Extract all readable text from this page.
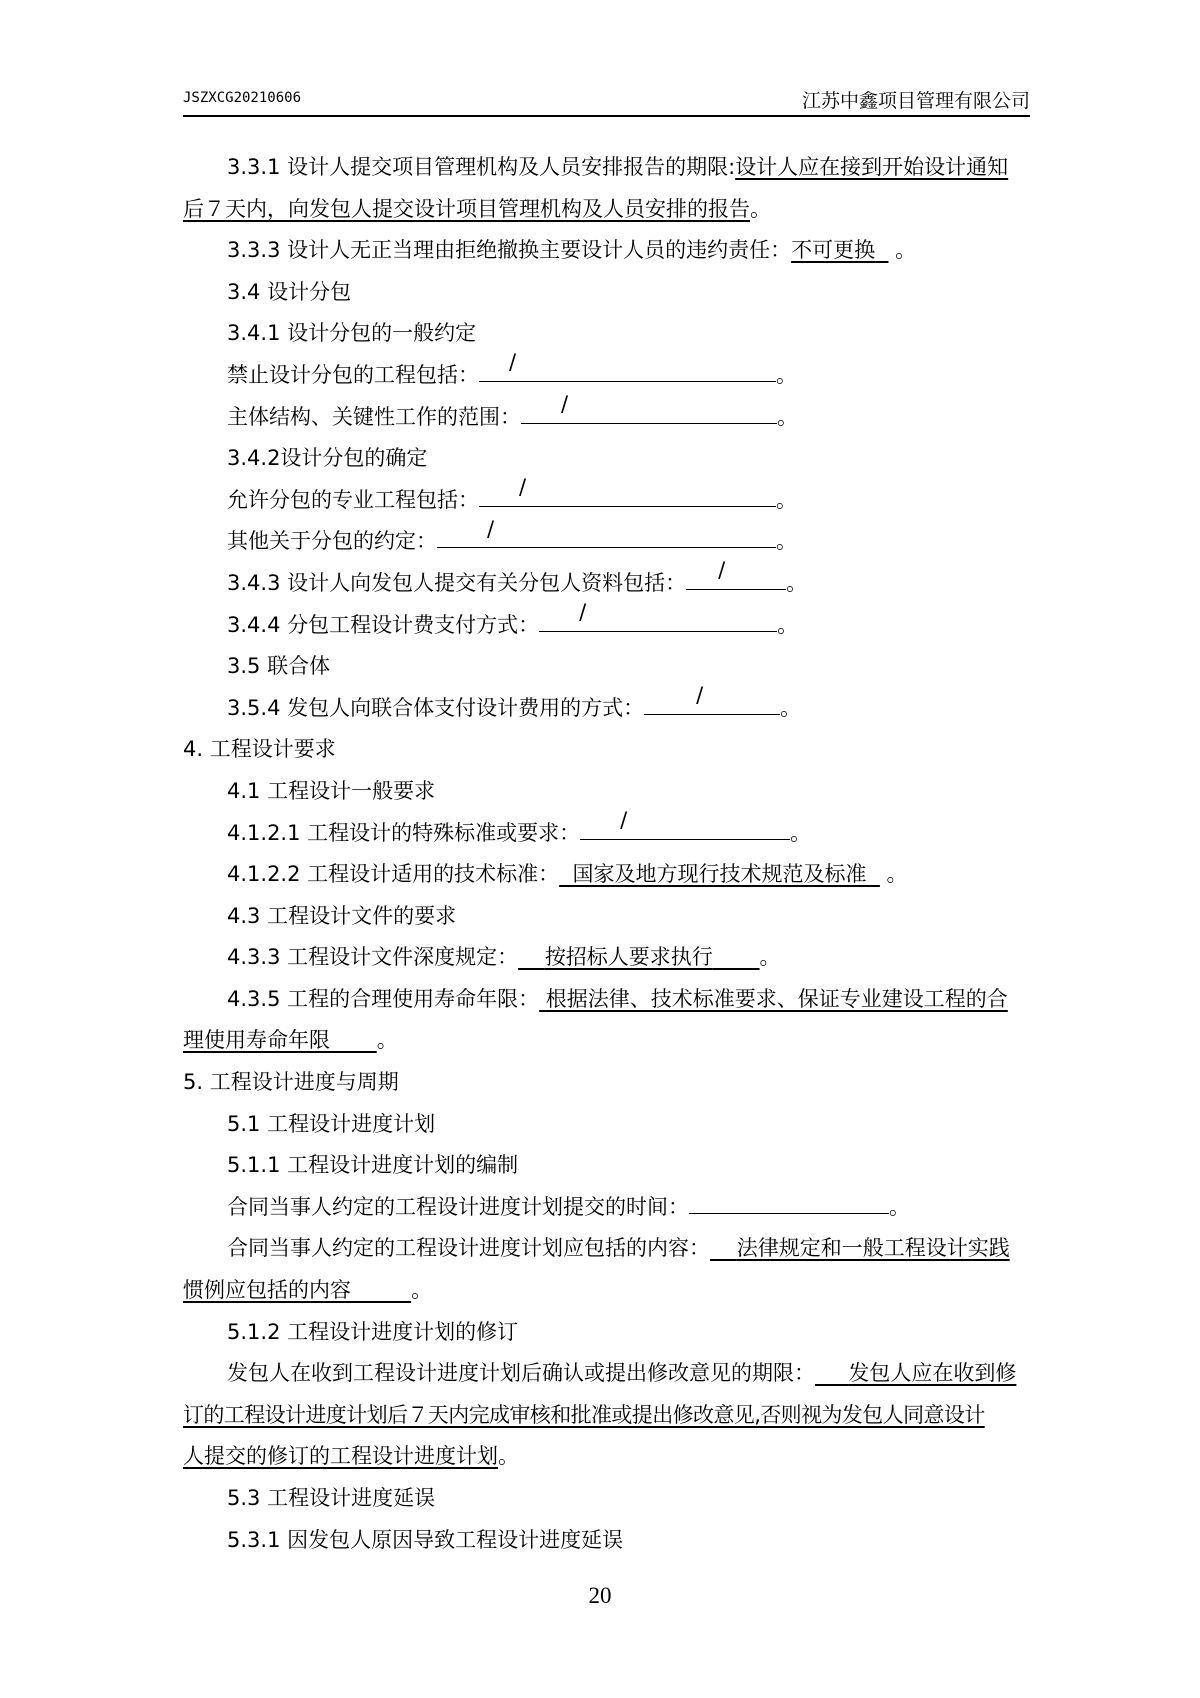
JSZXCG20210606	江苏中鑫项目管理有限公司
3.3.1 设计人提交项目管理机构及人员安排报告的期限:设计人应在接到开始设计通知
后７天内，向发包人提交设计项目管理机构及人员安排的报告。
3.3.3 设计人无正当理由拒绝撤换主要设计人员的违约责任：不可更换   。
3.4 设计分包
3.4.1 设计分包的一般约定
禁止设计分包的工程包括：
/
。
主体结构、关键性工作的范围：
/
。
3.4.2设计分包的确定
允许分包的专业工程包括：
/
。
其他关于分包的约定：
/
。
3.4.3 设计人向发包人提交有关分包人资料包括：
/
。
3.4.4 分包工程设计费支付方式：
/
。
3.5 联合体
3.5.4 发包人向联合体支付设计费用的方式：
/
。
4. 工程设计要求
4.1 工程设计一般要求
4.1.2.1 工程设计的特殊标准或要求：
/
。
4.1.2.2 工程设计适用的技术标准： 国家及地方现行技术规范及标准   。
4.3 工程设计文件的要求
4.3.3 工程设计文件深度规定： 按招标人要求执行 。
4.3.5 工程的合理使用寿命年限： 根据法律、技术标准要求、保证专业建设工程的合
理使用寿命年限 。
5. 工程设计进度与周期
5.1 工程设计进度计划
5.1.1 工程设计进度计划的编制
合同当事人约定的工程设计进度计划提交的时间：	。
合同当事人约定的工程设计进度计划应包括的内容： 法律规定和一般工程设计实践
惯例应包括的内容	。
5.1.2 工程设计进度计划的修订
发包人在收到工程设计进度计划后确认或提出修改意见的期限： 发包人应在收到修
订的工程设计进度计划后７天内完成审核和批准或提出修改意见,否则视为发包人同意设计
人提交的修订的工程设计进度计划。
5.3 工程设计进度延误
5.3.1 因发包人原因导致工程设计进度延误
20
